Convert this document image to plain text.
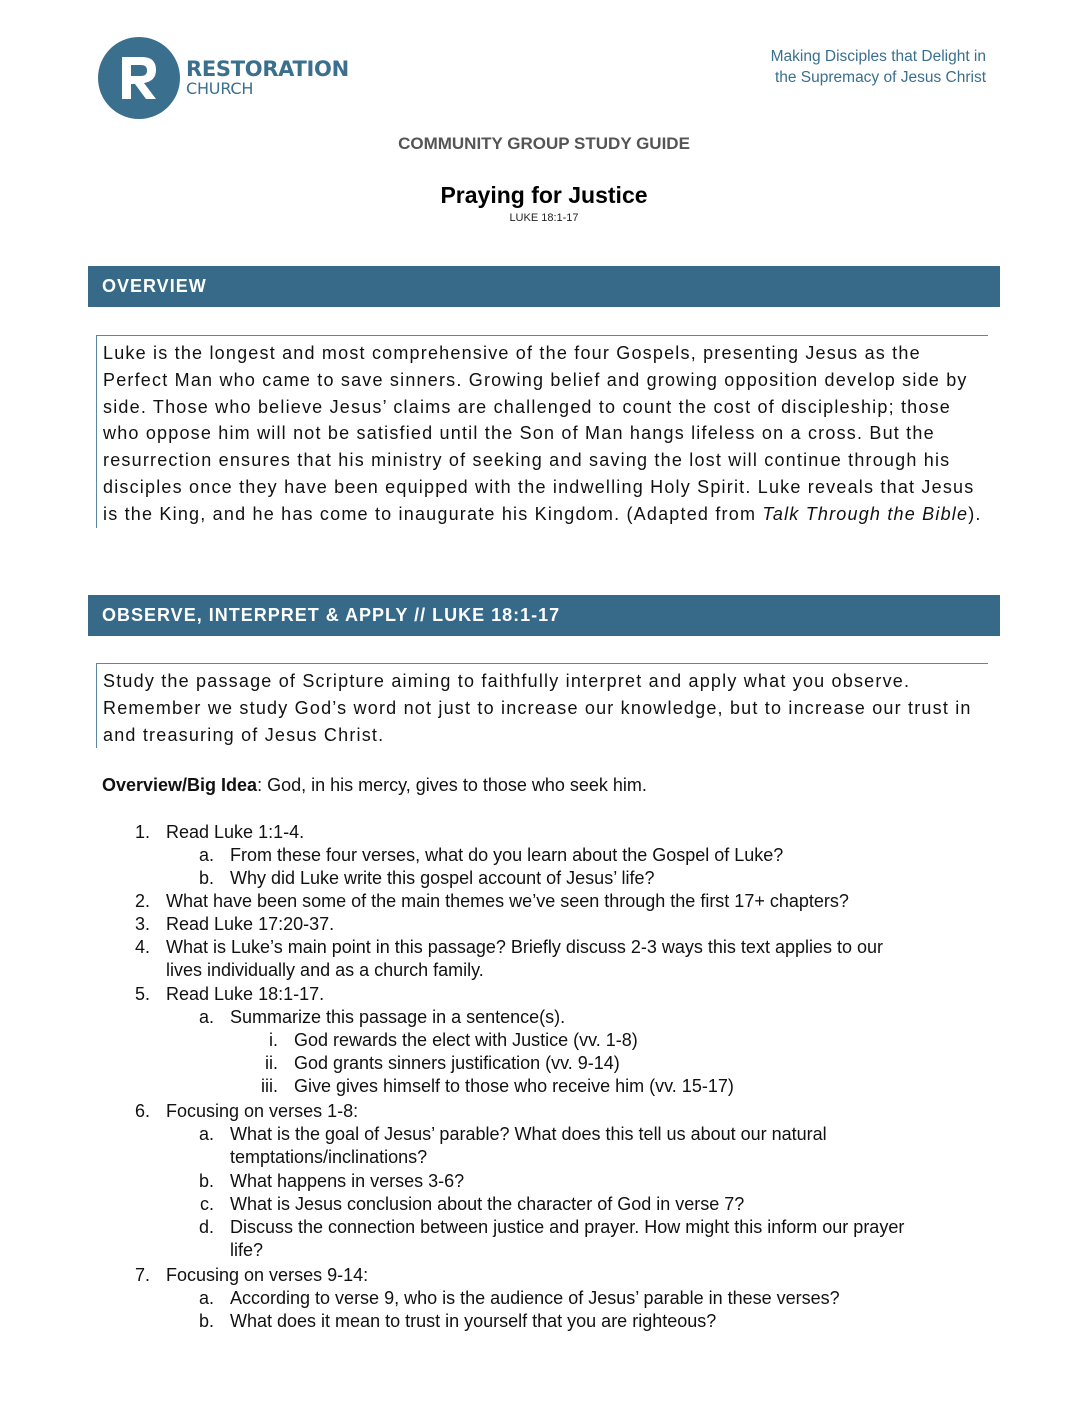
RESTORATION
CHURCH
Making Disciples that Delight in
the Supremacy of Jesus Christ
COMMUNITY GROUP STUDY GUIDE
Praying for Justice
LUKE 18:1-17
OVERVIEW
Luke is the longest and most comprehensive of the four Gospels, presenting Jesus as the Perfect Man who came to save sinners. Growing belief and growing opposition develop side by side. Those who believe Jesus’ claims are challenged to count the cost of discipleship; those who oppose him will not be satisfied until the Son of Man hangs lifeless on a cross. But the resurrection ensures that his ministry of seeking and saving the lost will continue through his disciples once they have been equipped with the indwelling Holy Spirit. Luke reveals that Jesus is the King, and he has come to inaugurate his Kingdom. (Adapted from Talk Through the Bible).
OBSERVE, INTERPRET & APPLY // LUKE 18:1-17
Study the passage of Scripture aiming to faithfully interpret and apply what you observe. Remember we study God’s word not just to increase our knowledge, but to increase our trust in and treasuring of Jesus Christ.
Overview/Big Idea: God, in his mercy, gives to those who seek him.
1. Read Luke 1:1-4.
a. From these four verses, what do you learn about the Gospel of Luke?
b. Why did Luke write this gospel account of Jesus’ life?
2. What have been some of the main themes we’ve seen through the first 17+ chapters?
3. Read Luke 17:20-37.
4. What is Luke’s main point in this passage? Briefly discuss 2-3 ways this text applies to our
lives individually and as a church family.
5. Read Luke 18:1-17.
a. Summarize this passage in a sentence(s).
i. God rewards the elect with Justice (vv. 1-8)
ii. God grants sinners justification (vv. 9-14)
iii. Give gives himself to those who receive him (vv. 15-17)
6. Focusing on verses 1-8:
a. What is the goal of Jesus’ parable? What does this tell us about our natural
temptations/inclinations?
b. What happens in verses 3-6?
c. What is Jesus conclusion about the character of God in verse 7?
d. Discuss the connection between justice and prayer. How might this inform our prayer
life?
7. Focusing on verses 9-14:
a. According to verse 9, who is the audience of Jesus’ parable in these verses?
b. What does it mean to trust in yourself that you are righteous?
